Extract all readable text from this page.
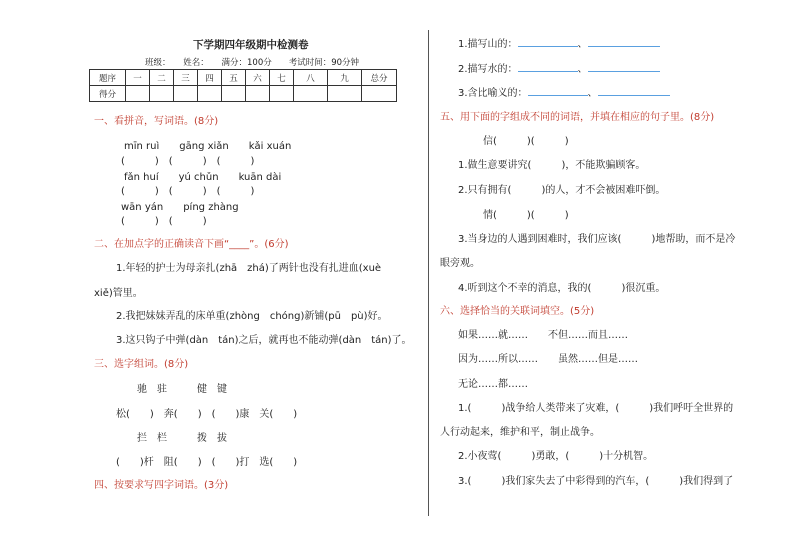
下学期四年级期中检测卷
班级：　　姓名：　　满分：100分　　考试时间：90分钟
题序	一	二	三	四	五	六	七	八	九	总分
得分										
一、看拼音，写词语。(8分)
mīn ruì　　gāng xiǎn　　kǎi xuán
(　　　)　(　　　)　(　　　)
fǎn huí　　yú chǔn　　kuān dài
(　　　)　(　　　)　(　　　)
wān yán　　píng zhàng
(　　　)　(　　　)
二、在加点字的正确读音下画“____”。(6分)
1.年轻的护士为母亲扎(zhā　zhá)了两针也没有扎进血(xuè
xiě)管里。
2.我把妹妹弄乱的床单重(zhòng　chóng)新铺(pū　pù)好。
3.这只钩子中弹(dàn　tán)之后，就再也不能动弹(dàn　tán)了。
三、选字组词。(8分)
驰　驻　　　健　键
松(　　)　奔(　　)　(　　)康　关(　　)
拦　栏　　　拨　拔
(　　)杆　阻(　　)　(　　)打　选(　　)
四、按要求写四字词语。(3分)
1.描写山的：	、
2.描写水的：	、
3.含比喻义的：	、
五、用下面的字组成不同的词语，并填在相应的句子里。(8分)
信(　　　)(　　　)
1.做生意要讲究(　　　)，不能欺骗顾客。
2.只有拥有(　　　)的人，才不会被困难吓倒。
情(　　　)(　　　)
3.当身边的人遇到困难时，我们应该(　　　)地帮助，而不是冷
眼旁观。
4.听到这个不幸的消息，我的(　　　)很沉重。
六、选择恰当的关联词填空。(5分)
如果……就……　　不但……而且……
因为……所以……　　虽然……但是……
无论……都……
1.(　　　)战争给人类带来了灾难，(　　　)我们呼吁全世界的
人行动起来，维护和平，制止战争。
2.小夜莺(　　　)勇敢，(　　　)十分机智。
3.(　　　)我们家失去了中彩得到的汽车，(　　　)我们得到了
